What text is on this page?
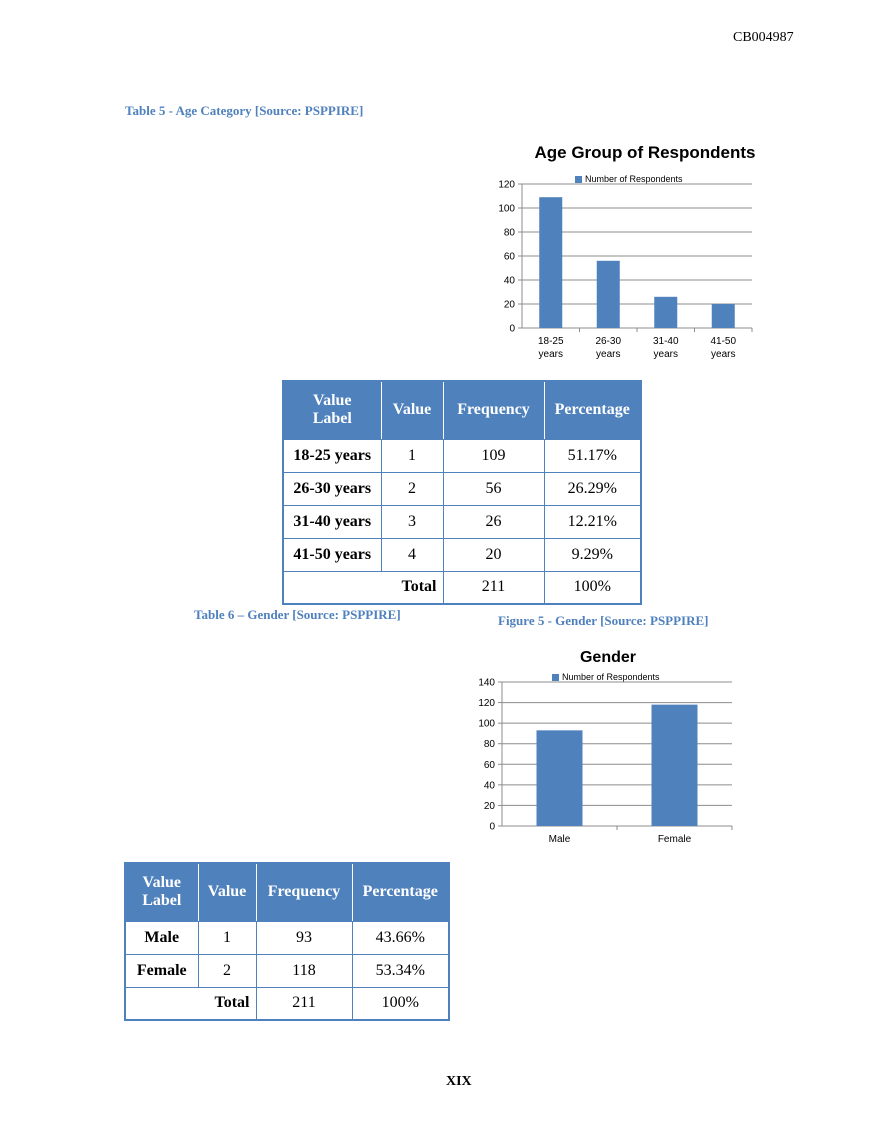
CB004987
Table 5 - Age Category [Source: PSPPIRE]
Age Group of Respondents
Number of Respondents
0
20
40
60
80
100
120
18-25
years
26-30
years
31-40
years
41-50
years
Value
Label	Value	Frequency	Percentage
18-25 years	1	109	51.17%
26-30 years	2	56	26.29%
31-40 years	3	26	12.21%
41-50 years	4	20	9.29%
Total		211	100%
Table 6 – Gender [Source: PSPPIRE]	Figure 5 - Gender [Source: PSPPIRE]
Gender
Number of Respondents
0
20
40
60
80
100
120
140
Male	Female
Value
Label	Value	Frequency	Percentage
Male	1	93	43.66%
Female	2	118	53.34%
Total		211	100%
XIX
